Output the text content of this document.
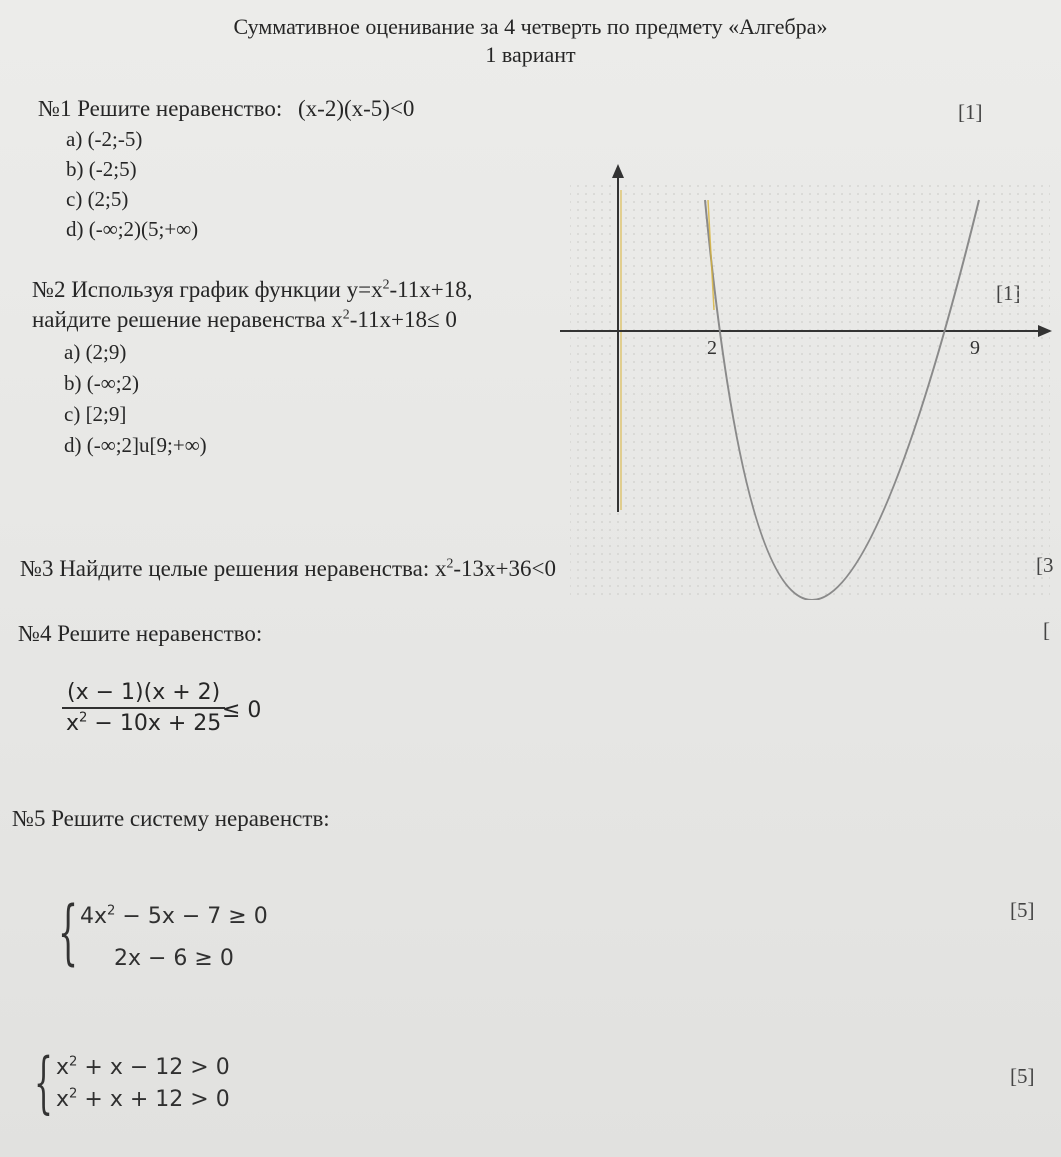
Суммативное оценивание за 4 четверть по предмету «Алгебра»
1 вариант
№1 Решите неравенство: (x-2)(x-5)<0	[1]
a) (-2;-5)
b) (-2;5)
c) (2;5)
d) (-∞;2)(5;+∞)
№2 Используя график функции $y=x^2-11x+18$,
найдите решение неравенства $x^2-11x+18\le 0$
a) (2;9)
b) (-∞;2)
c) [2;9]
d) (-∞;2]u[9;+∞)
2	9
№3 Найдите целые решения неравенства: $x^2-13x+36<0$	[3
№4 Решите неравенство:	[
(x − 1)(x + 2)
$x^2 - 10x + 25$
≤ 0
№5 Решите систему неравенств:
{ $4x^2 - 5x - 7 \ge 0$
2x − 6 ≥ 0
[5]
{ $x^2 + x - 12 > 0$
$x^2 + x + 12 > 0$
[5]
